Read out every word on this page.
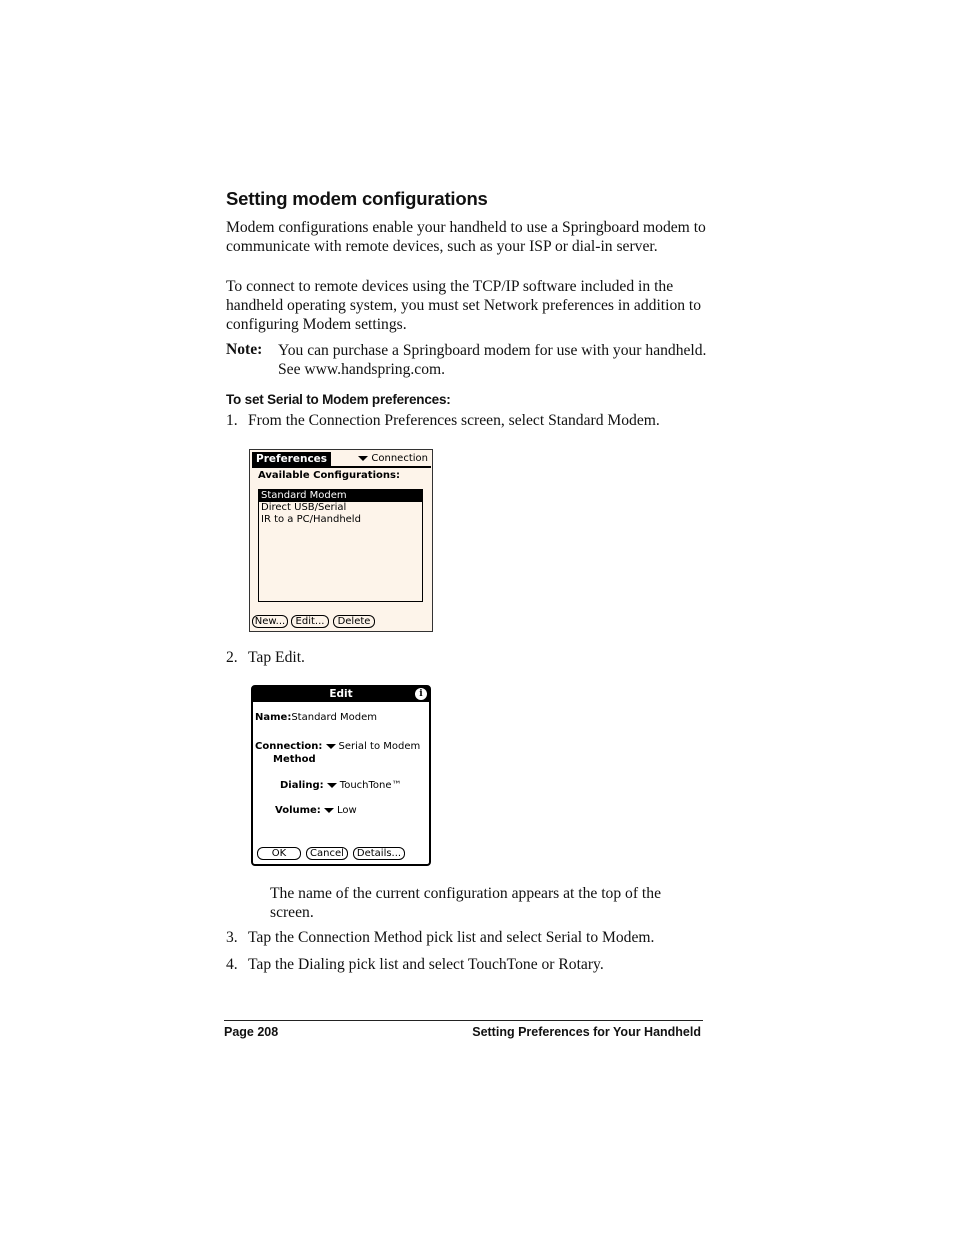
Setting modem configurations
Modem configurations enable your handheld to use a Springboard modem to communicate with remote devices, such as your ISP or dial-in server.
To connect to remote devices using the TCP/IP software included in the handheld operating system, you must set Network preferences in addition to configuring Modem settings.
Note: You can purchase a Springboard modem for use with your handheld. See www.handspring.com.
To set Serial to Modem preferences:
1. From the Connection Preferences screen, select Standard Modem.
Preferences	Connection
Available Configurations:
Standard Modem
Direct USB/Serial
IR to a PC/Handheld
New...	Edit...	Delete
2. Tap Edit.
Edit	i
Name:Standard Modem
Connection: Serial to Modem
Method
Dialing: TouchTone™
Volume: Low
OK	Cancel	Details...
The name of the current configuration appears at the top of the screen.
3. Tap the Connection Method pick list and select Serial to Modem.
4. Tap the Dialing pick list and select TouchTone or Rotary.
Page 208	Setting Preferences for Your Handheld
